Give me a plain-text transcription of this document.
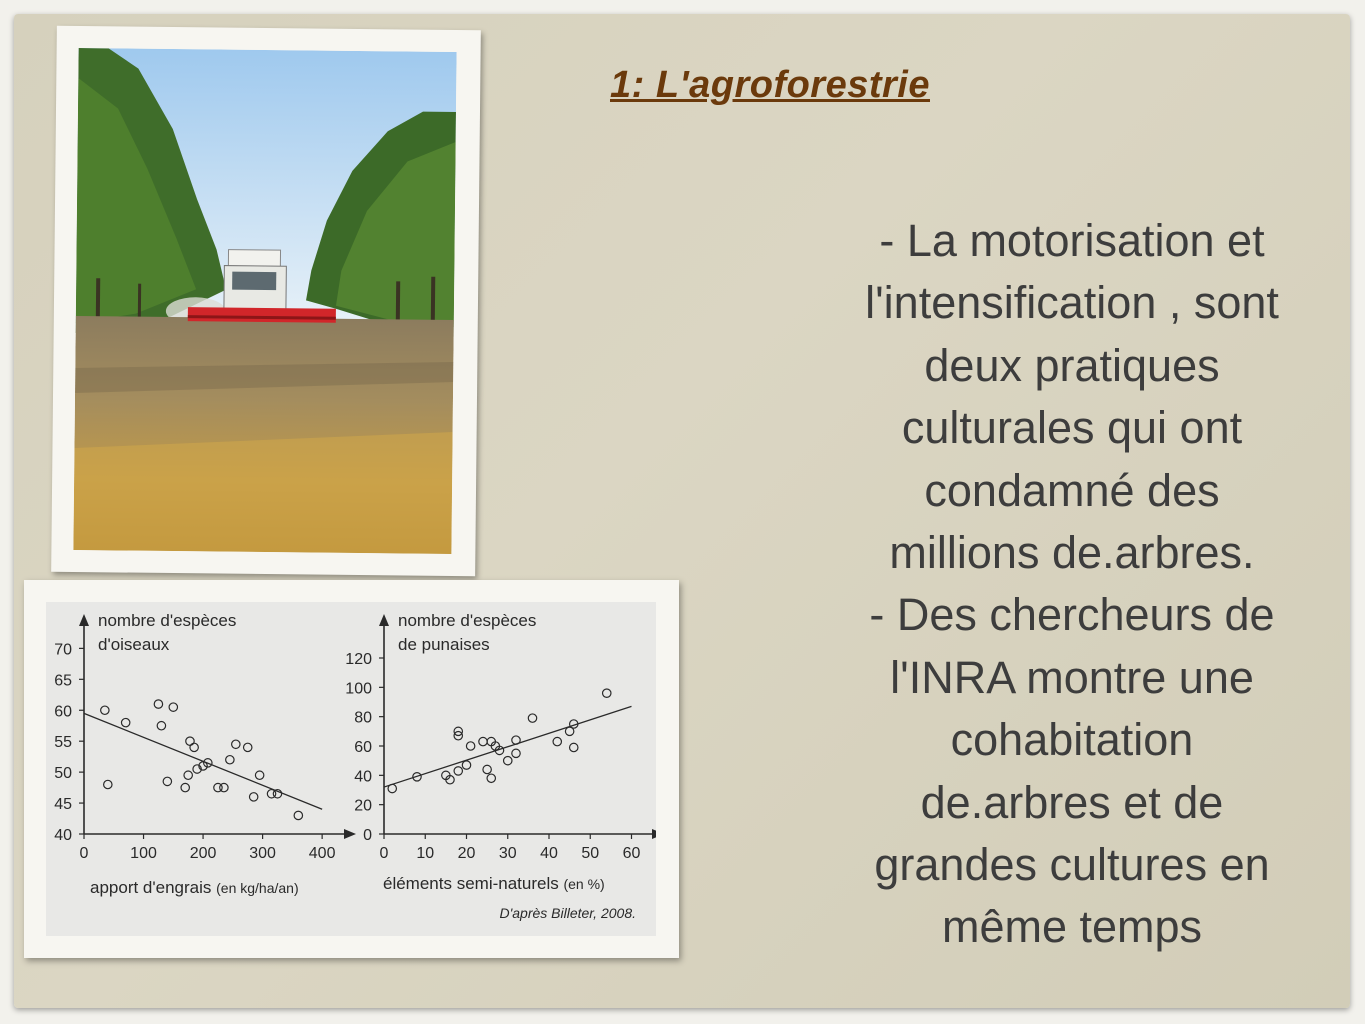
1: L'agroforestrie
- La motorisation et
l'intensification , sont
deux pratiques
culturales qui ont
condamné des
millions de.arbres.
- Des chercheurs de
l'INRA montre une
cohabitation
de.arbres et de
grandes cultures en
même temps
nombre d'espèces
d'oiseaux
apport d'engrais (en kg/ha/an)
0	100 200 300 400
40
45
50
55
60
65
70
nombre d'espèces
de punaises
éléments semi-naturels (en %)
D'après Billeter, 2008.
0 10 20 30 40 50 60
0
20
40
60
80
100
120
